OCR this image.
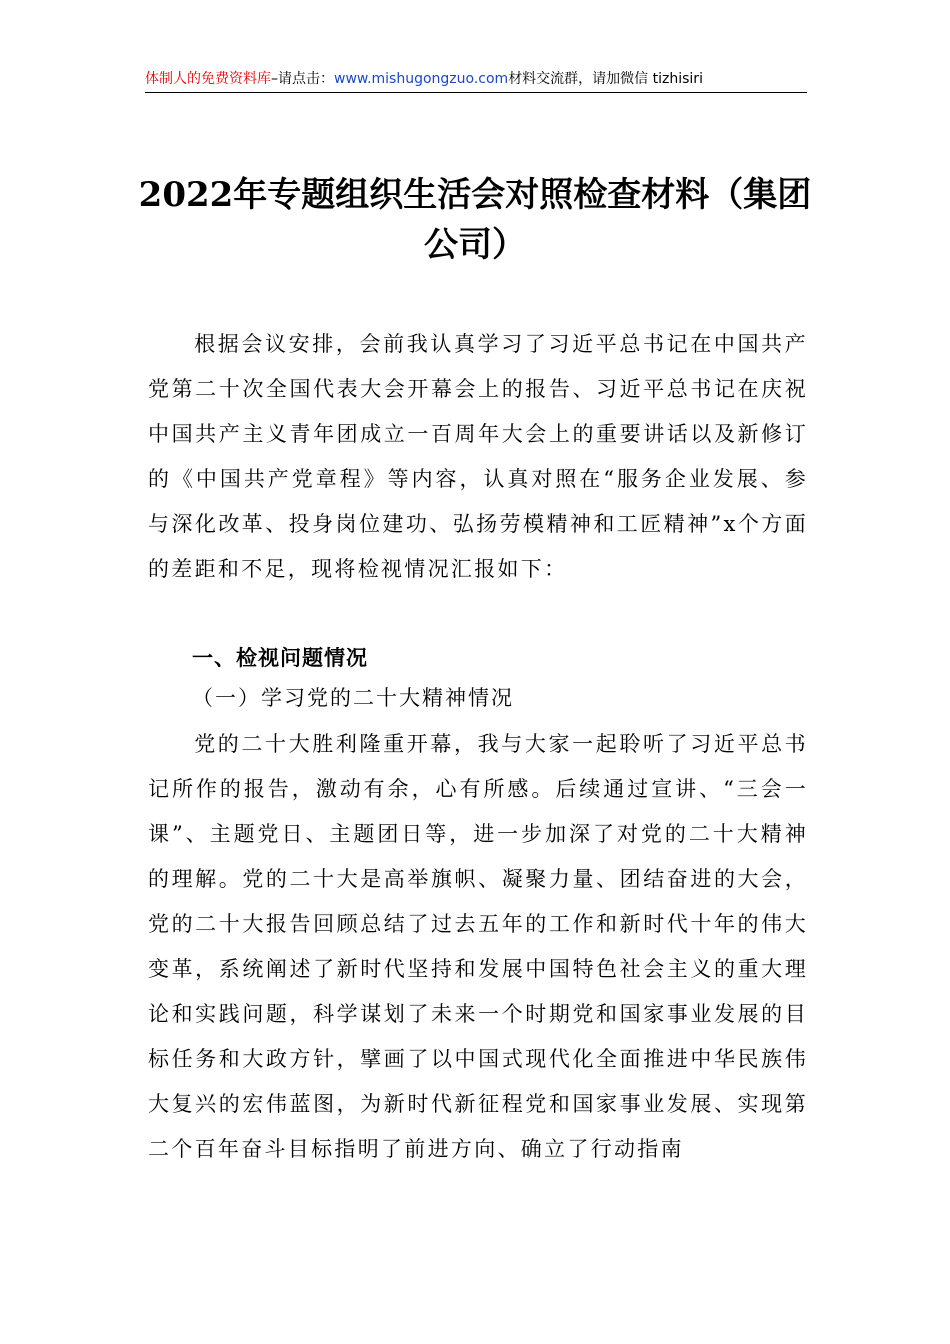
体制人的免费资料库–请点击：www.mishugongzuo.com材料交流群，请加微信 tizhisiri
2022年专题组织生活会对照检查材料（集团公司）
根据会议安排，会前我认真学习了习近平总书记在中国共产党第二十次全国代表大会开幕会上的报告、习近平总书记在庆祝中国共产主义青年团成立一百周年大会上的重要讲话以及新修订的《中国共产党章程》等内容，认真对照在“服务企业发展、参与深化改革、投身岗位建功、弘扬劳模精神和工匠精神”x个方面的差距和不足，现将检视情况汇报如下：
一、检视问题情况
（一）学习党的二十大精神情况
党的二十大胜利隆重开幕，我与大家一起聆听了习近平总书记所作的报告，激动有余，心有所感。后续通过宣讲、“三会一课”、主题党日、主题团日等，进一步加深了对党的二十大精神的理解。党的二十大是高举旗帜、凝聚力量、团结奋进的大会，党的二十大报告回顾总结了过去五年的工作和新时代十年的伟大变革，系统阐述了新时代坚持和发展中国特色社会主义的重大理论和实践问题，科学谋划了未来一个时期党和国家事业发展的目标任务和大政方针，擘画了以中国式现代化全面推进中华民族伟大复兴的宏伟蓝图，为新时代新征程党和国家事业发展、实现第二个百年奋斗目标指明了前进方向、确立了行动指南
